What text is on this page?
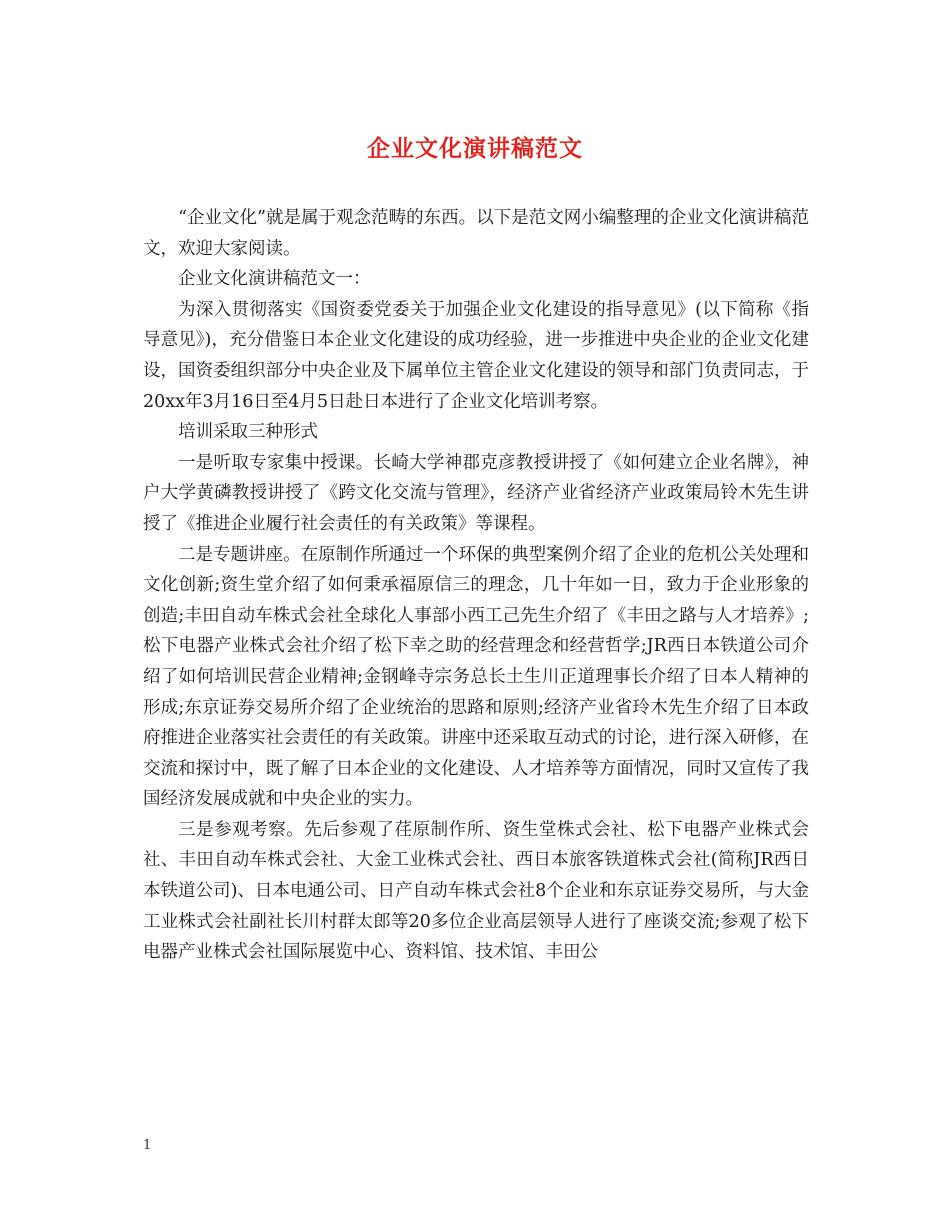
企业文化演讲稿范文

“企业文化”就是属于观念范畴的东西。以下是范文网小编整理的企业文化演讲稿范文，欢迎大家阅读。

企业文化演讲稿范文一：

为深入贯彻落实《国资委党委关于加强企业文化建设的指导意见》(以下简称《指导意见》)，充分借鉴日本企业文化建设的成功经验，进一步推进中央企业的企业文化建设，国资委组织部分中央企业及下属单位主管企业文化建设的领导和部门负责同志，于20xx年3月16日至4月5日赴日本进行了企业文化培训考察。

培训采取三种形式

一是听取专家集中授课。长崎大学神郡克彦教授讲授了《如何建立企业名牌》，神户大学黄磷教授讲授了《跨文化交流与管理》，经济产业省经济产业政策局铃木先生讲授了《推进企业履行社会责任的有关政策》等课程。

二是专题讲座。在原制作所通过一个环保的典型案例介绍了企业的危机公关处理和文化创新;资生堂介绍了如何秉承福原信三的理念，几十年如一日，致力于企业形象的创造;丰田自动车株式会社全球化人事部小西工己先生介绍了《丰田之路与人才培养》;松下电器产业株式会社介绍了松下幸之助的经营理念和经营哲学;JR西日本铁道公司介绍了如何培训民营企业精神;金钢峰寺宗务总长土生川正道理事长介绍了日本人精神的形成;东京证券交易所介绍了企业统治的思路和原则;经济产业省玲木先生介绍了日本政府推进企业落实社会责任的有关政策。讲座中还采取互动式的讨论，进行深入研修，在交流和探讨中，既了解了日本企业的文化建设、人才培养等方面情况，同时又宣传了我国经济发展成就和中央企业的实力。

三是参观考察。先后参观了荏原制作所、资生堂株式会社、松下电器产业株式会社、丰田自动车株式会社、大金工业株式会社、西日本旅客铁道株式会社(简称JR西日本铁道公司)、日本电通公司、日产自动车株式会社8个企业和东京证券交易所，与大金工业株式会社副社长川村群太郎等20多位企业高层领导人进行了座谈交流;参观了松下电器产业株式会社国际展览中心、资料馆、技术馆、丰田公

1
